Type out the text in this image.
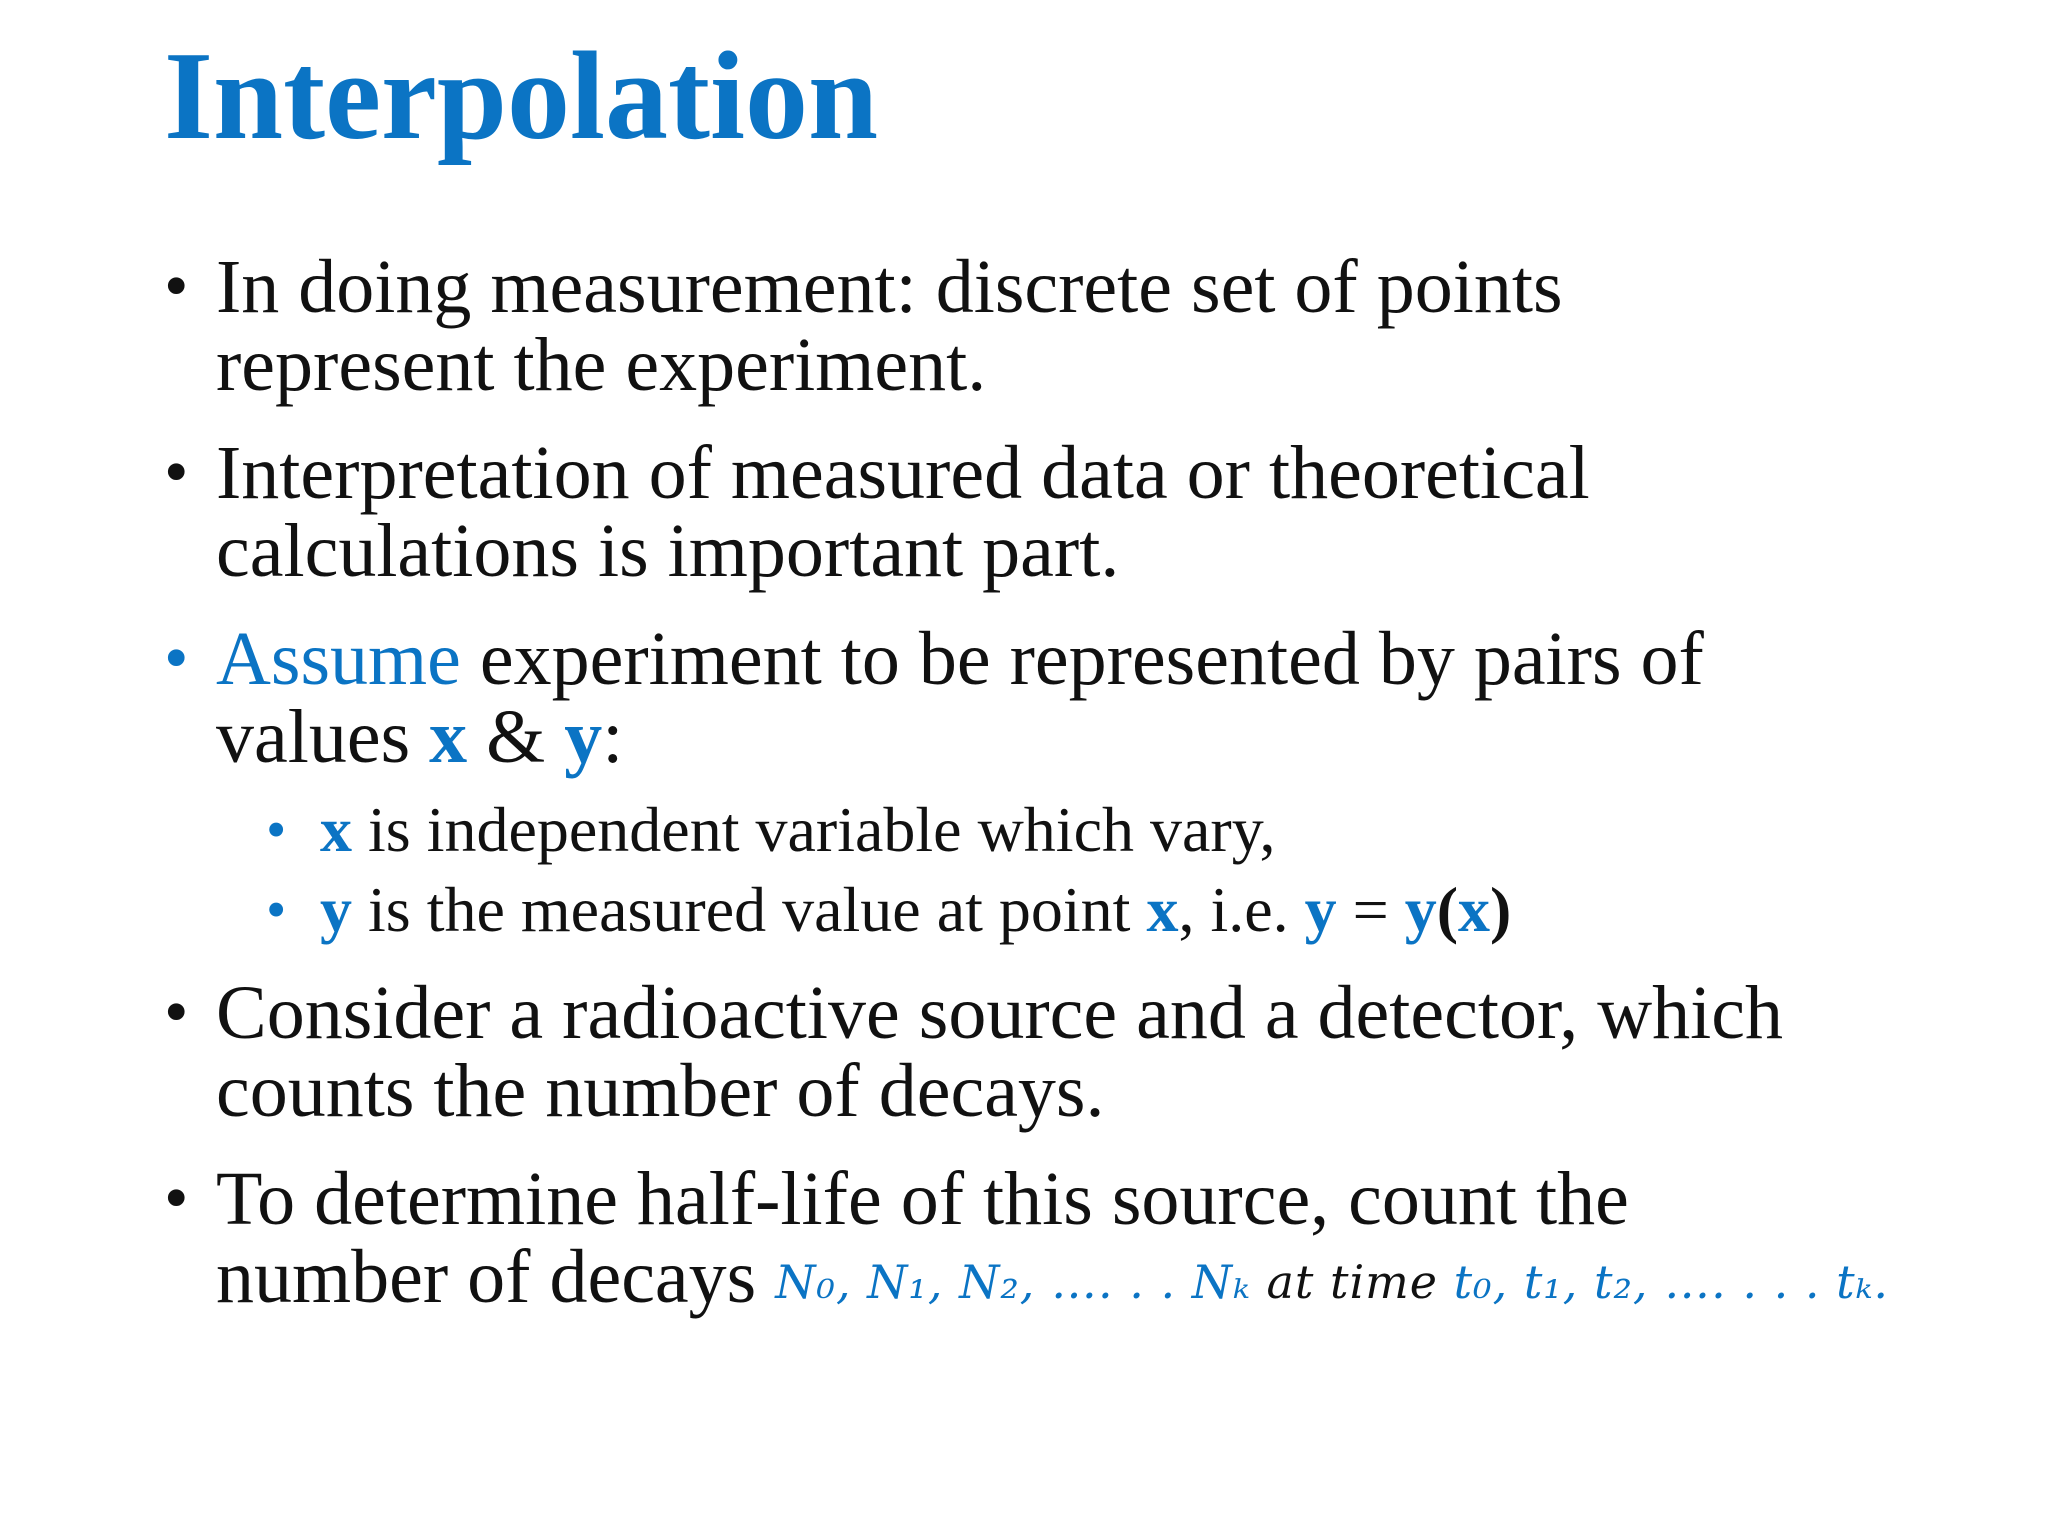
Interpolation
• In doing measurement: discrete set of points
represent the experiment.
• Interpretation of measured data or theoretical
calculations is important part.
• Assume experiment to be represented by pairs of
values x & y:
• x is independent variable which vary,
• y is the measured value at point x, i.e. y = y(x)
• Consider a radioactive source and a detector, which
counts the number of decays.
• To determine half-life of this source, count the
number of decays N₀, N₁, N₂, …. . . Nₖ at time t₀, t₁, t₂, …. . . . tₖ.
